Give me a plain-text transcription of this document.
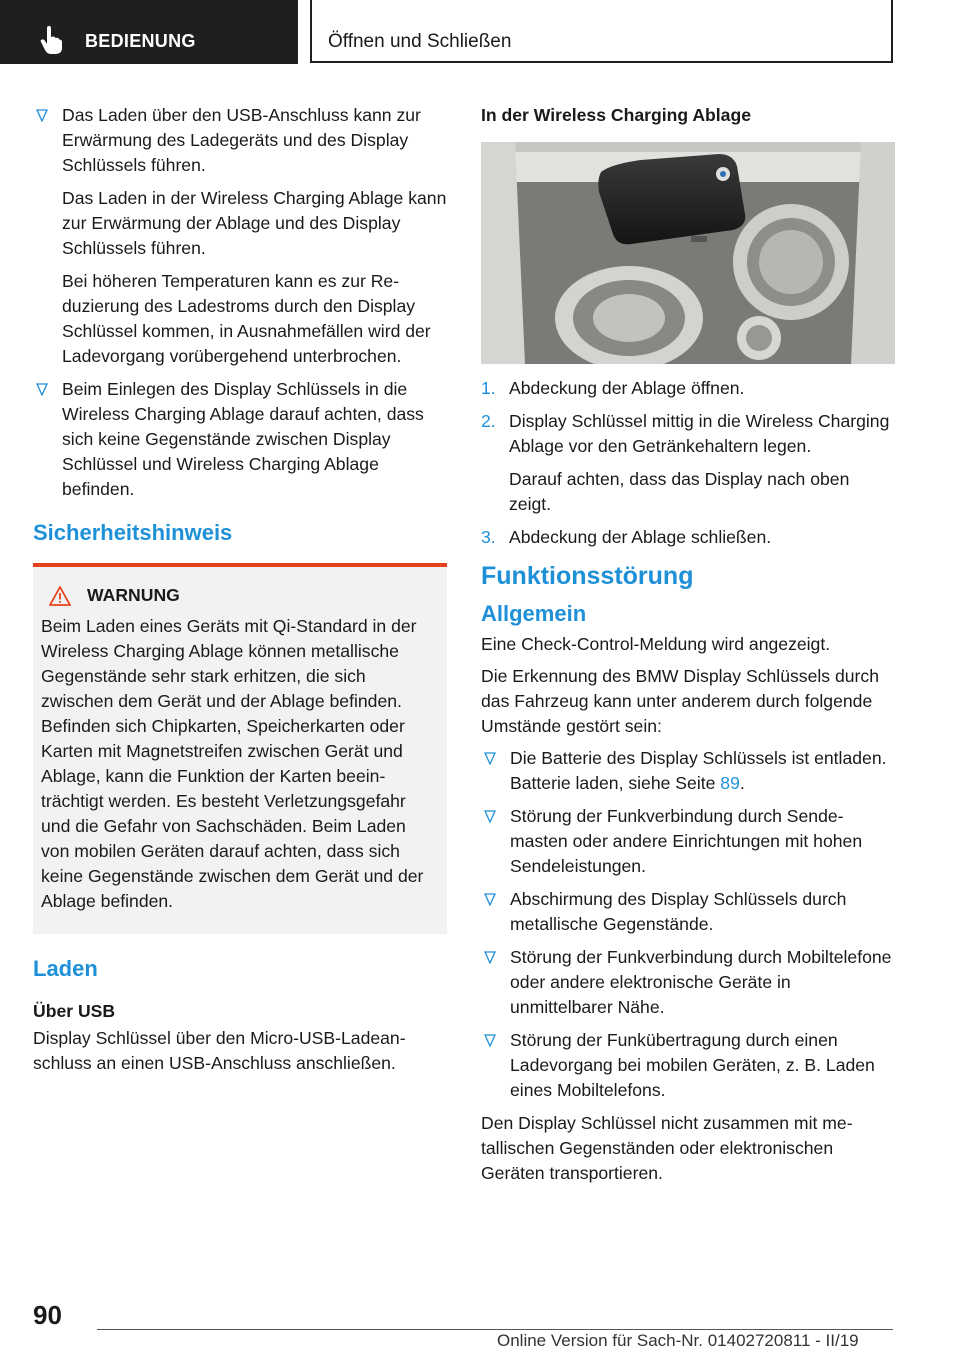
BEDIENUNG	Öffnen und Schließen

Das Laden über den USB-Anschluss kann zur Erwärmung des Ladegeräts und des Display Schlüssels führen.

Das Laden in der Wireless Charging Ablage kann zur Erwärmung der Ablage und des Display Schlüssels führen.

Bei höheren Temperaturen kann es zur Reduzierung des Ladestroms durch den Display Schlüssel kommen, in Ausnahmefällen wird der Ladevorgang vorübergehend unterbrochen.

Beim Einlegen des Display Schlüssels in die Wireless Charging Ablage darauf achten, dass sich keine Gegenstände zwischen Display Schlüssel und Wireless Charging Ablage befinden.

Sicherheitshinweis
WARNUNG
Beim Laden eines Geräts mit Qi-Standard in der Wireless Charging Ablage können metallische Gegenstände sehr stark erhitzen, die sich zwischen dem Gerät und der Ablage befinden. Befinden sich Chipkarten, Speicherkarten oder Karten mit Magnetstreifen zwischen Gerät und Ablage, kann die Funktion der Karten beeinträchtigt werden. Es besteht Verletzungsgefahr und die Gefahr von Sachschäden. Beim Laden von mobilen Geräten darauf achten, dass sich keine Gegenstände zwischen dem Gerät und der Ablage befinden.
Laden
Über USB
Display Schlüssel über den Micro-USB-Ladeanschluss an einen USB-Anschluss anschließen.
In der Wireless Charging Ablage
1. Abdeckung der Ablage öffnen.

2. Display Schlüssel mittig in die Wireless Charging Ablage vor den Getränkehaltern legen.

Darauf achten, dass das Display nach oben zeigt.

3. Abdeckung der Ablage schließen.

Funktionsstörung
Allgemein
Eine Check-Control-Meldung wird angezeigt.
Die Erkennung des BMW Display Schlüssels durch das Fahrzeug kann unter anderem durch folgende Umstände gestört sein:

Die Batterie des Display Schlüssels ist entladen. Batterie laden, siehe Seite 89.

Störung der Funkverbindung durch Sendemasten oder andere Einrichtungen mit hohen Sendeleistungen.

Abschirmung des Display Schlüssels durch metallische Gegenstände.

Störung der Funkverbindung durch Mobiltelefone oder andere elektronische Geräte in unmittelbarer Nähe.

Störung der Funkübertragung durch einen Ladevorgang bei mobilen Geräten, z. B. Laden eines Mobiltelefons.

Den Display Schlüssel nicht zusammen mit metallischen Gegenständen oder elektronischen Geräten transportieren.
90
Online Version für Sach-Nr. 01402720811 - II/19
